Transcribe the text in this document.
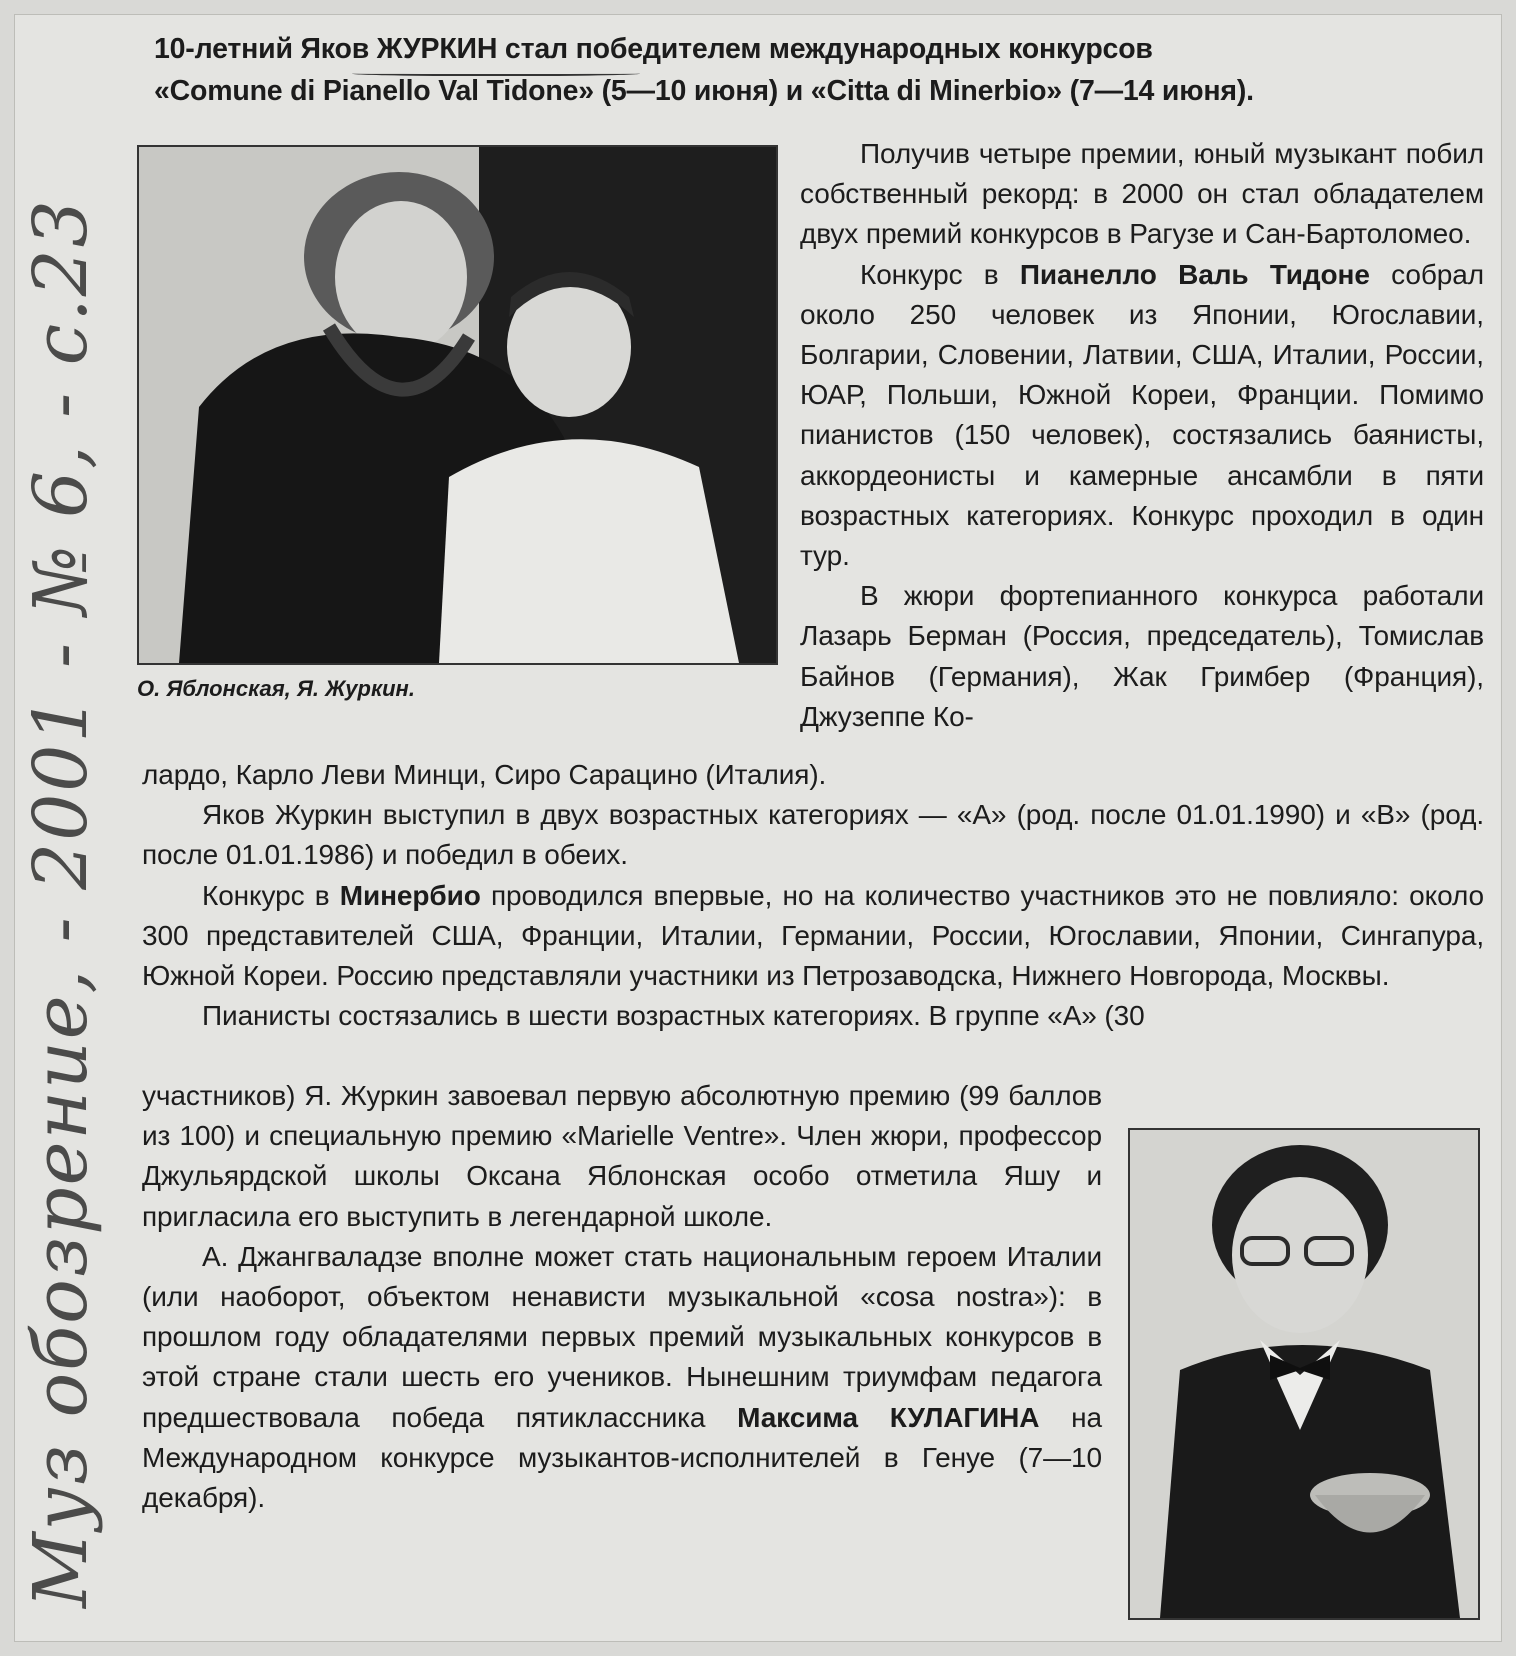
10-летний Яков ЖУРКИН стал победителем международных конкурсов
«Comune di Pianello Val Tidone» (5—10 июня) и «Citta di Minerbio» (7—14 июня).
О. Яблонская, Я. Журкин.

Получив четыре премии, юный музыкант побил собственный рекорд: в 2000 он стал обладателем двух премий конкурсов в Рагузе и Сан-Бартоломео.

Конкурс в Пианелло Валь Тидоне собрал около 250 человек из Японии, Югославии, Болгарии, Словении, Латвии, США, Италии, России, ЮАР, Польши, Южной Кореи, Франции. Помимо пианистов (150 человек), состязались баянисты, аккордеонисты и камерные ансамбли в пяти возрастных категориях. Конкурс проходил в один тур.

В жюри фортепианного конкурса работали Лазарь Берман (Россия, председатель), Томислав Байнов (Германия), Жак Гримбер (Франция), Джузеппе Ко-

лардо, Карло Леви Минци, Сиро Сарацино (Италия).

Яков Журкин выступил в двух возрастных категориях — «А» (род. после 01.01.1990) и «В» (род. после 01.01.1986) и победил в обеих.

Конкурс в Минербио проводился впервые, но на количество участников это не повлияло: около 300 представителей США, Франции, Италии, Германии, России, Югославии, Японии, Сингапура, Южной Кореи. Россию представляли участники из Петрозаводска, Нижнего Новгорода, Москвы.

Пианисты состязались в шести возрастных категориях. В группе «А» (30

участников) Я. Журкин завоевал первую абсолютную премию (99 баллов из 100) и специальную премию «Marielle Ventre». Член жюри, профессор Джульярдской школы Оксана Яблонская особо отметила Яшу и пригласила его выступить в легендарной школе.

А. Джангваладзе вполне может стать национальным героем Италии (или наоборот, объектом ненависти музыкальной «cosa nostra»): в прошлом году обладателями первых премий музыкальных конкурсов в этой стране стали шесть его учеников. Нынешним триумфам педагога предшествовала победа пятиклассника Максима КУЛАГИНА на Международном конкурсе музыкантов-исполнителей в Генуе (7—10 декабря).

Муз обозрение, - 2001 - № 6, - с.23
